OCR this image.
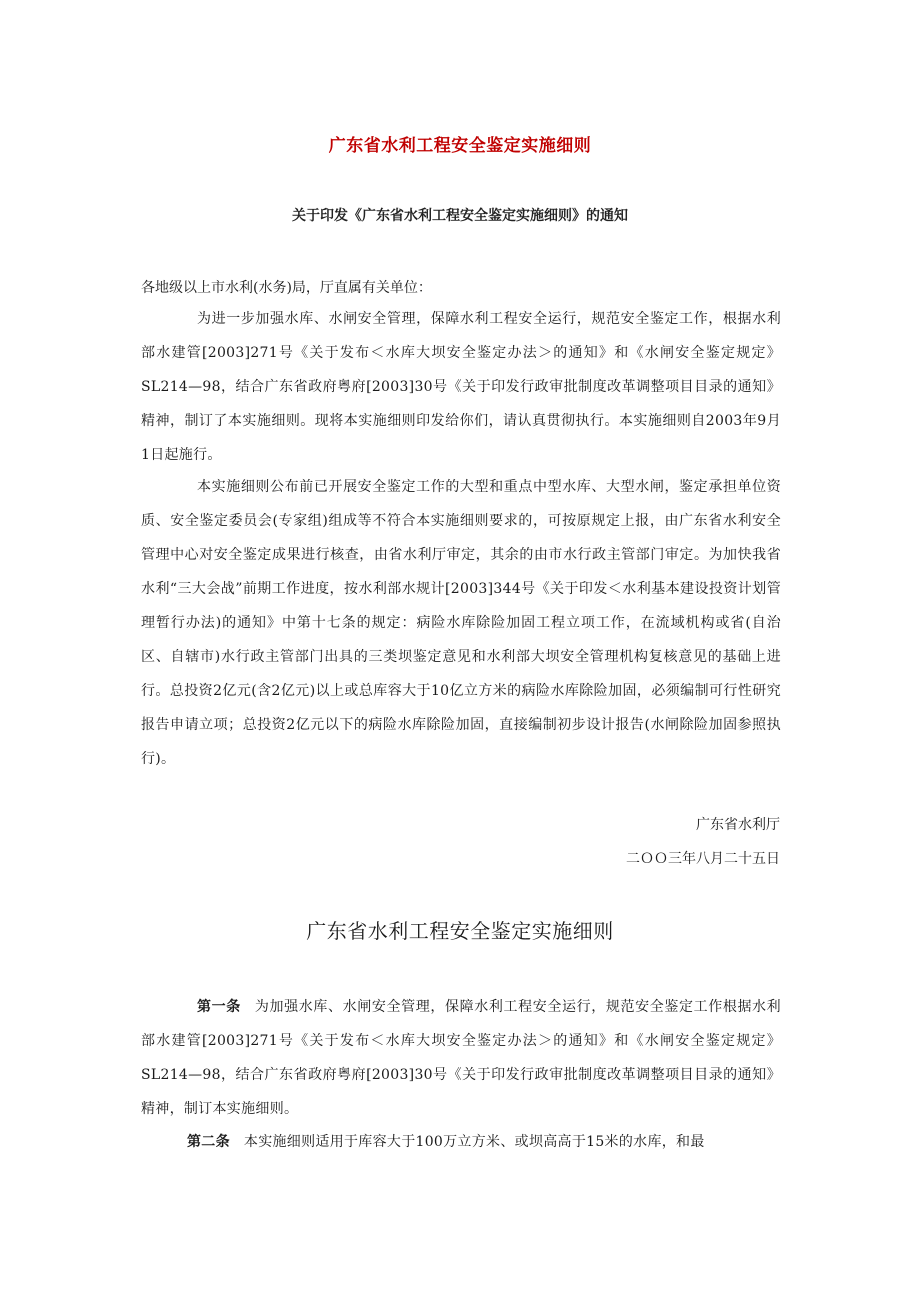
广东省水利工程安全鉴定实施细则
关于印发《广东省水利工程安全鉴定实施细则》的通知
各地级以上市水利(水务)局，厅直属有关单位：
为进一步加强水库、水闸安全管理，保障水利工程安全运行，规范安全鉴定工作，根据水利部水建管[2003]271号《关于发布＜水库大坝安全鉴定办法＞的通知》和《水闸安全鉴定规定》SL214—98，结合广东省政府粤府[2003]30号《关于印发行政审批制度改革调整项目目录的通知》精神，制订了本实施细则。现将本实施细则印发给你们，请认真贯彻执行。本实施细则自2003年9月1日起施行。
本实施细则公布前已开展安全鉴定工作的大型和重点中型水库、大型水闸，鉴定承担单位资质、安全鉴定委员会(专家组)组成等不符合本实施细则要求的，可按原规定上报，由广东省水利安全管理中心对安全鉴定成果进行核查，由省水利厅审定，其余的由市水行政主管部门审定。为加快我省水利“三大会战”前期工作进度，按水利部水规计[2003]344号《关于印发＜水利基本建设投资计划管理暂行办法)的通知》中第十七条的规定：病险水库除险加固工程立项工作，在流域机构或省(自治区、自辖市)水行政主管部门出具的三类坝鉴定意见和水利部大坝安全管理机构复核意见的基础上进行。总投资2亿元(含2亿元)以上或总库容大于10亿立方米的病险水库除险加固，必须编制可行性研究报告申请立项；总投资2亿元以下的病险水库除险加固，直接编制初步设计报告(水闸除险加固参照执行)。
广东省水利厅
二ＯＯ三年八月二十五日
广东省水利工程安全鉴定实施细则
第一条 为加强水库、水闸安全管理，保障水利工程安全运行，规范安全鉴定工作根据水利部水建管[2003]271号《关于发布＜水库大坝安全鉴定办法＞的通知》和《水闸安全鉴定规定》SL214—98，结合广东省政府粤府[2003]30号《关于印发行政审批制度改革调整项目目录的通知》精神，制订本实施细则。
第二条 本实施细则适用于库容大于100万立方米、或坝高高于15米的水库，和最
